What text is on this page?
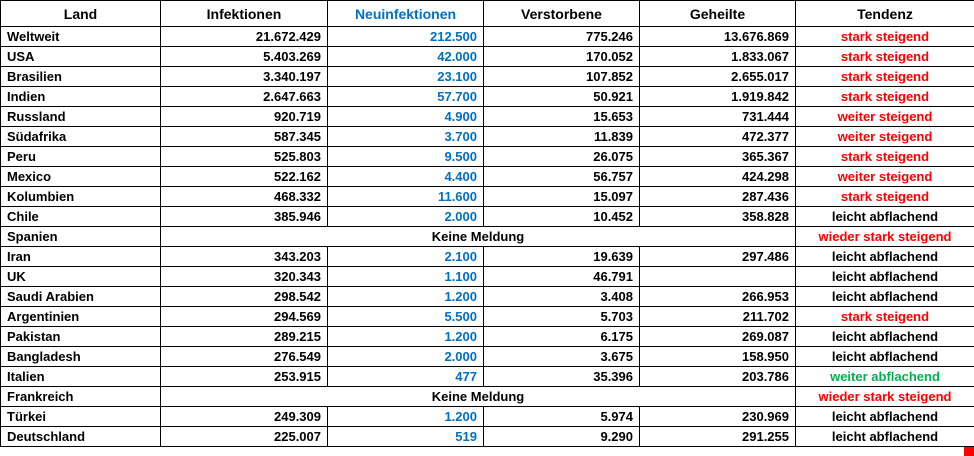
Land	Infektionen	Neuinfektionen	Verstorbene	Geheilte	Tendenz
Weltweit	21.672.429	212.500	775.246	13.676.869	stark steigend
USA	5.403.269	42.000	170.052	1.833.067	stark steigend
Brasilien	3.340.197	23.100	107.852	2.655.017	stark steigend
Indien	2.647.663	57.700	50.921	1.919.842	stark steigend
Russland	920.719	4.900	15.653	731.444	weiter steigend
Südafrika	587.345	3.700	11.839	472.377	weiter steigend
Peru	525.803	9.500	26.075	365.367	stark steigend
Mexico	522.162	4.400	56.757	424.298	weiter steigend
Kolumbien	468.332	11.600	15.097	287.436	stark steigend
Chile	385.946	2.000	10.452	358.828	leicht abflachend
Spanien	Keine Meldung				wieder stark steigend
Iran	343.203	2.100	19.639	297.486	leicht abflachend
UK	320.343	1.100	46.791		leicht abflachend
Saudi Arabien	298.542	1.200	3.408	266.953	leicht abflachend
Argentinien	294.569	5.500	5.703	211.702	stark steigend
Pakistan	289.215	1.200	6.175	269.087	leicht abflachend
Bangladesh	276.549	2.000	3.675	158.950	leicht abflachend
Italien	253.915	477	35.396	203.786	weiter abflachend
Frankreich	Keine Meldung				wieder stark steigend
Türkei	249.309	1.200	5.974	230.969	leicht abflachend
Deutschland	225.007	519	9.290	291.255	leicht abflachend
